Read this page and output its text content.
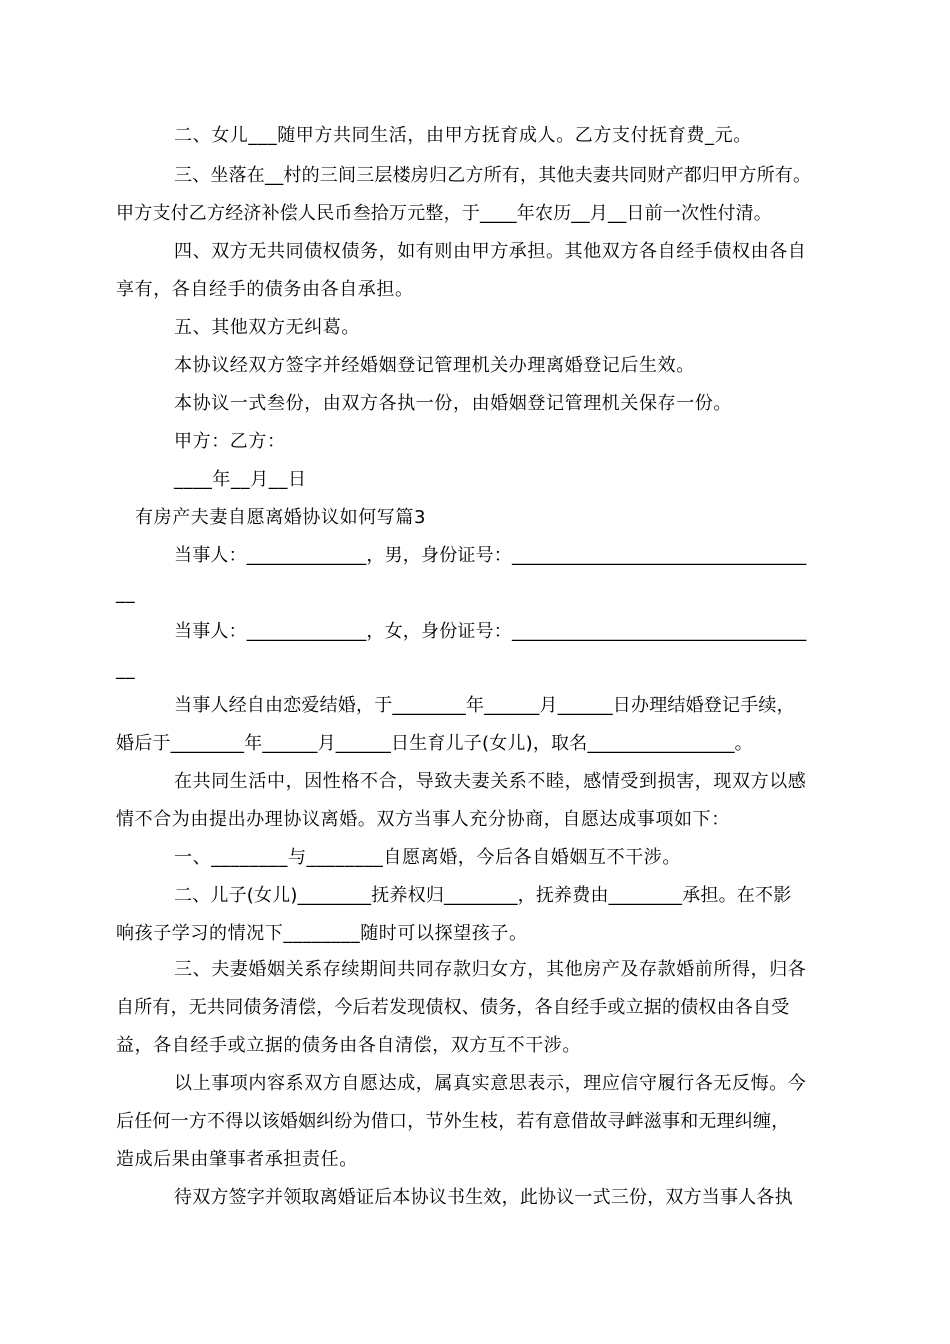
二、女儿___随甲方共同生活，由甲方抚育成人。乙方支付抚育费_元。
三、坐落在__村的三间三层楼房归乙方所有，其他夫妻共同财产都归甲方所有。
甲方支付乙方经济补偿人民币叁拾万元整，于____年农历__月__日前一次性付清。
四、双方无共同债权债务，如有则由甲方承担。其他双方各自经手债权由各自
享有，各自经手的债务由各自承担。
五、其他双方无纠葛。
本协议经双方签字并经婚姻登记管理机关办理离婚登记后生效。
本协议一式叁份，由双方各执一份，由婚姻登记管理机关保存一份。
甲方：乙方：
____年__月__日
有房产夫妻自愿离婚协议如何写篇3
当事人：_____________，男，身份证号：________________________________
__
当事人：_____________，女，身份证号：________________________________
__
当事人经自由恋爱结婚，于________年______月______日办理结婚登记手续，
婚后于________年______月______日生育儿子(女儿)，取名________________。
在共同生活中，因性格不合，导致夫妻关系不睦，感情受到损害，现双方以感
情不合为由提出办理协议离婚。双方当事人充分协商，自愿达成事项如下：
一、________与________自愿离婚，今后各自婚姻互不干涉。
二、儿子(女儿)________抚养权归________，抚养费由________承担。在不影
响孩子学习的情况下________随时可以探望孩子。
三、夫妻婚姻关系存续期间共同存款归女方，其他房产及存款婚前所得，归各
自所有，无共同债务清偿，今后若发现债权、债务，各自经手或立据的债权由各自受
益，各自经手或立据的债务由各自清偿，双方互不干涉。
以上事项内容系双方自愿达成，属真实意思表示，理应信守履行各无反悔。今
后任何一方不得以该婚姻纠纷为借口，节外生枝，若有意借故寻衅滋事和无理纠缠，
造成后果由肇事者承担责任。
待双方签字并领取离婚证后本协议书生效，此协议一式三份，双方当事人各执
